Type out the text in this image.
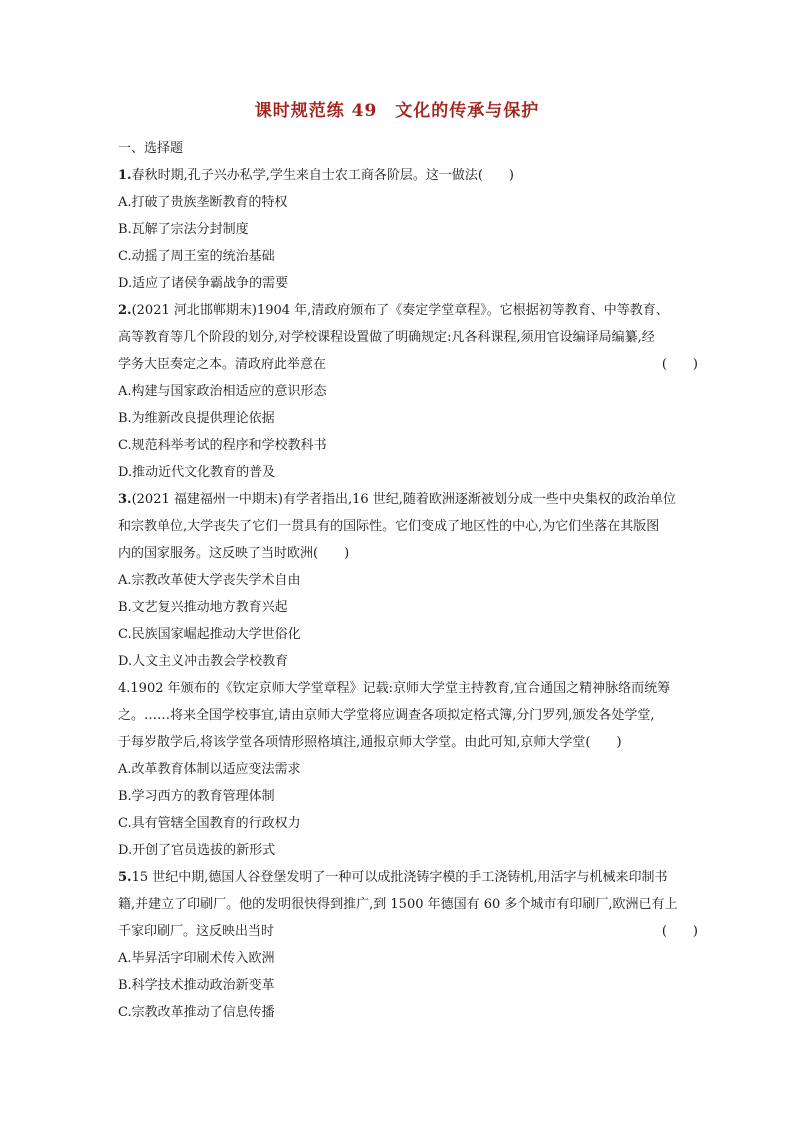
课时规范练 49　文化的传承与保护
一、选择题
1.春秋时期,孔子兴办私学,学生来自士农工商各阶层。这一做法(　　)
A.打破了贵族垄断教育的特权
B.瓦解了宗法分封制度
C.动摇了周王室的统治基础
D.适应了诸侯争霸战争的需要
2.(2021 河北邯郸期末)1904 年,清政府颁布了《奏定学堂章程》。它根据初等教育、中等教育、
高等教育等几个阶段的划分,对学校课程设置做了明确规定:凡各科课程,须用官设编译局编纂,经
学务大臣奏定之本。清政府此举意在	(　　)
A.构建与国家政治相适应的意识形态
B.为维新改良提供理论依据
C.规范科举考试的程序和学校教科书
D.推动近代文化教育的普及
3.(2021 福建福州一中期末)有学者指出,16 世纪,随着欧洲逐渐被划分成一些中央集权的政治单位
和宗教单位,大学丧失了它们一贯具有的国际性。它们变成了地区性的中心,为它们坐落在其版图
内的国家服务。这反映了当时欧洲(　　)
A.宗教改革使大学丧失学术自由
B.文艺复兴推动地方教育兴起
C.民族国家崛起推动大学世俗化
D.人文主义冲击教会学校教育
4.1902 年颁布的《钦定京师大学堂章程》记载:京师大学堂主持教育,宜合通国之精神脉络而统筹
之。……将来全国学校事宜,请由京师大学堂将应调查各项拟定格式簿,分门罗列,颁发各处学堂,
于每岁散学后,将该学堂各项情形照格填注,通报京师大学堂。由此可知,京师大学堂(　　)
A.改革教育体制以适应变法需求
B.学习西方的教育管理体制
C.具有管辖全国教育的行政权力
D.开创了官员选拔的新形式
5.15 世纪中期,德国人谷登堡发明了一种可以成批浇铸字模的手工浇铸机,用活字与机械来印制书
籍,并建立了印刷厂。他的发明很快得到推广,到 1500 年德国有 60 多个城市有印刷厂,欧洲已有上
千家印刷厂。这反映出当时	(　　)
A.毕昇活字印刷术传入欧洲
B.科学技术推动政治新变革
C.宗教改革推动了信息传播
